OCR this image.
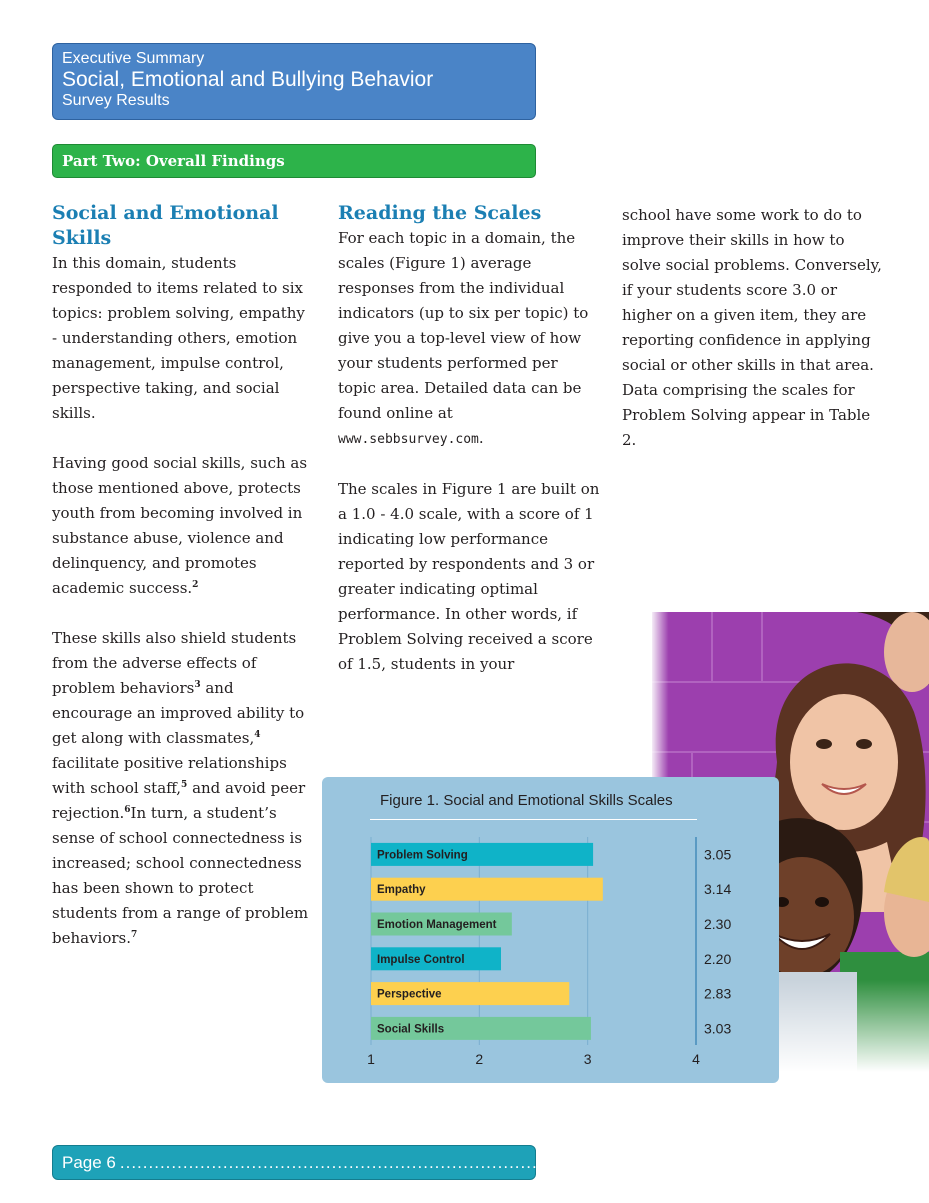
Executive Summary
Social, Emotional and Bullying Behavior
Survey Results
Part Two: Overall Findings
Social and Emotional Skills

In this domain, students responded to items related to six topics: problem solving, empathy - understanding others, emotion management, impulse control, perspective taking, and social skills.

Having good social skills, such as those mentioned above, protects youth from becoming involved in substance abuse, violence and delinquency, and promotes academic success.$^2$

These skills also shield students from the adverse effects of problem behaviors$^3$ and encourage an improved ability to get along with classmates,$^4$ facilitate positive relationships with school staff,$^5$ and avoid peer rejection.$^6$In turn, a student’s sense of school connectedness is increased; school connectedness has been shown to protect students from a range of problem behaviors.$^7$

Reading the Scales

For each topic in a domain, the scales (Figure 1) average responses from the individual indicators (up to six per topic) to give you a top-level view of how your students performed per topic area. Detailed data can be found online at www.sebbsurvey.com.

The scales in Figure 1 are built on a 1.0 - 4.0 scale, with a score of 1 indicating low performance reported by respondents and 3 or greater indicating optimal performance. In other words, if Problem Solving received a score of 1.5, students in your

school have some work to do to improve their skills in how to solve social problems. Conversely, if your students score 3.0 or higher on a given item, they are reporting confidence in applying social or other skills in that area. Data comprising the scales for Problem Solving appear in Table 2.

Figure 1. Social and Emotional Skills Scales
Problem Solving	3.05
Empathy	3.14
Emotion Management	2.30
Impulse Control	2.20
Perspective	2.83
Social Skills	3.03
1	2	3	4
Page 6 ........................................................................................................ Sample Report
